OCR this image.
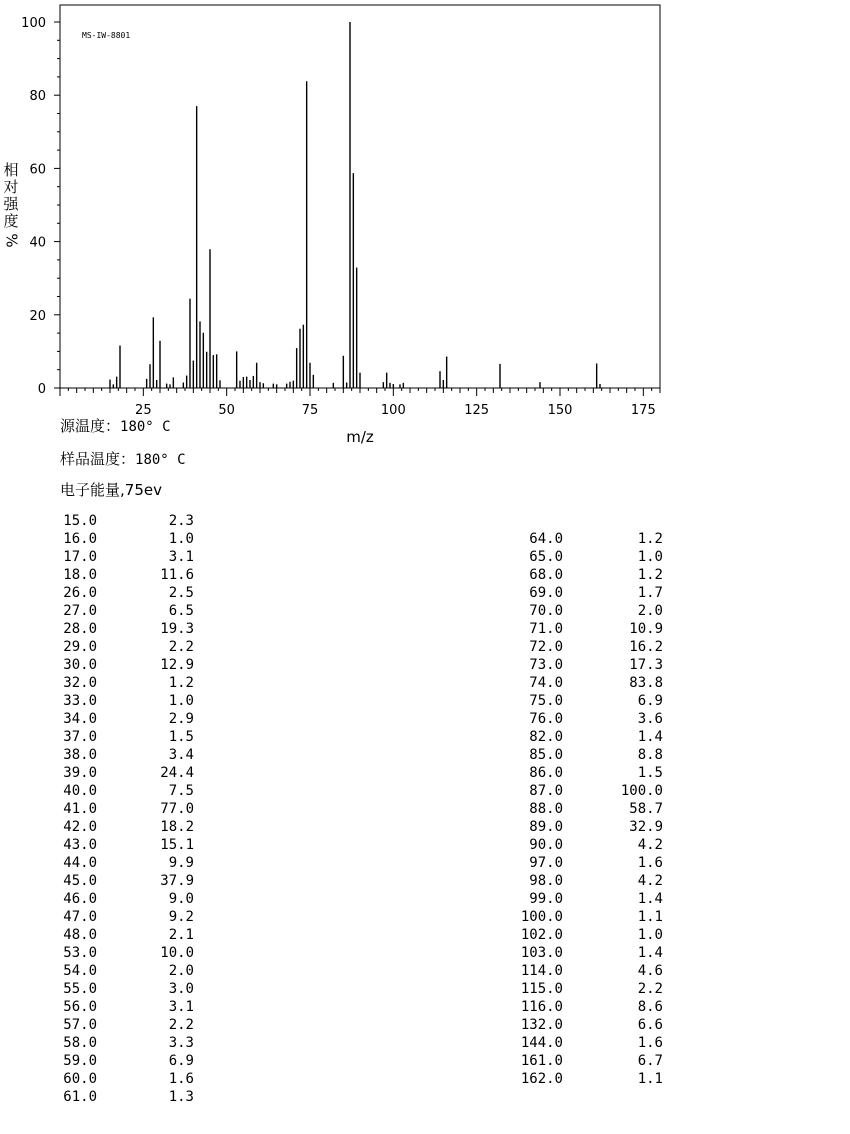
MS-IW-8801
0
20
40
60
80
100
25	50	75	100	125	150	175
m/z
相
对
强
度
%
源温度：180° C
样品温度：180° C
电子能量,75ev
15.0	2.3
16.0	1.0
17.0	3.1
18.0	11.6
26.0	2.5
27.0	6.5
28.0	19.3
29.0	2.2
30.0	12.9
32.0	1.2
33.0	1.0
34.0	2.9
37.0	1.5
38.0	3.4
39.0	24.4
40.0	7.5
41.0	77.0
42.0	18.2
43.0	15.1
44.0	9.9
45.0	37.9
46.0	9.0
47.0	9.2
48.0	2.1
53.0	10.0
54.0	2.0
55.0	3.0
56.0	3.1
57.0	2.2
58.0	3.3
59.0	6.9
60.0	1.6
61.0	1.3
64.0	1.2
65.0	1.0
68.0	1.2
69.0	1.7
70.0	2.0
71.0	10.9
72.0	16.2
73.0	17.3
74.0	83.8
75.0	6.9
76.0	3.6
82.0	1.4
85.0	8.8
86.0	1.5
87.0	100.0
88.0	58.7
89.0	32.9
90.0	4.2
97.0	1.6
98.0	4.2
99.0	1.4
100.0	1.1
102.0	1.0
103.0	1.4
114.0	4.6
115.0	2.2
116.0	8.6
132.0	6.6
144.0	1.6
161.0	6.7
162.0	1.1
